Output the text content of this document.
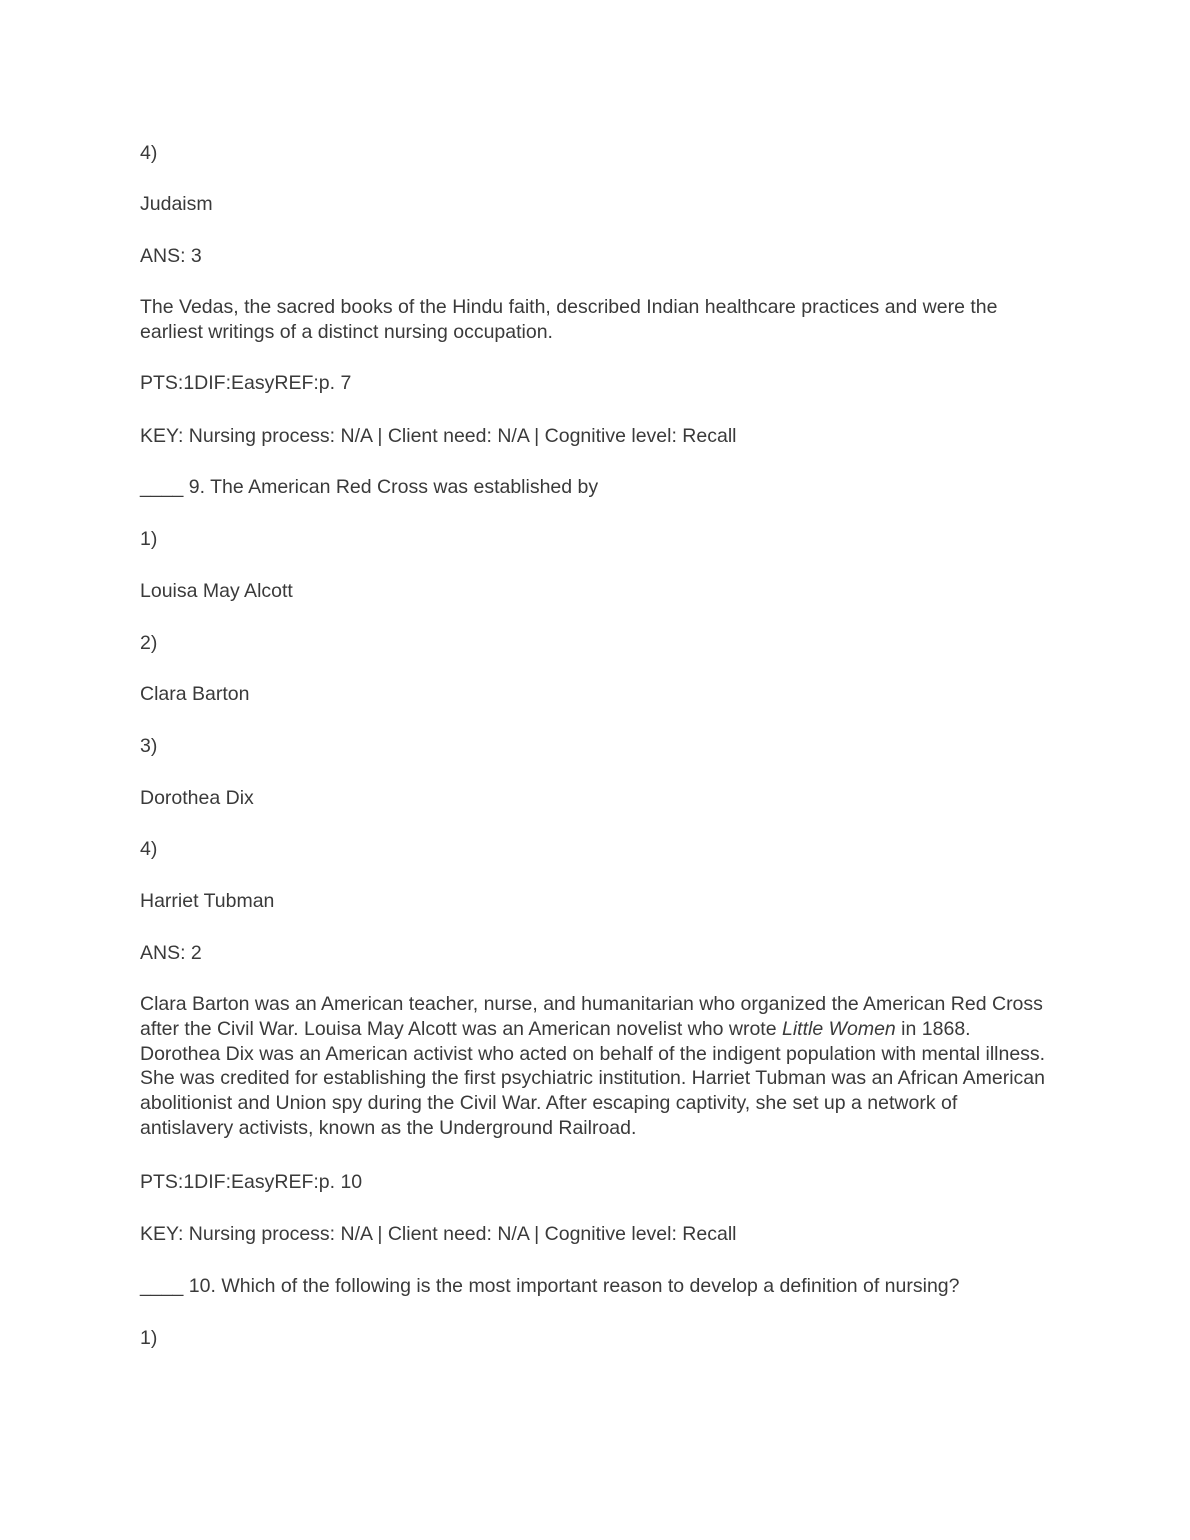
4)
Judaism
ANS: 3
The Vedas, the sacred books of the Hindu faith, described Indian healthcare practices and were the earliest writings of a distinct nursing occupation.
PTS:1DIF:EasyREF:p. 7
KEY: Nursing process: N/A | Client need: N/A | Cognitive level: Recall
____ 9. The American Red Cross was established by
1)
Louisa May Alcott
2)
Clara Barton
3)
Dorothea Dix
4)
Harriet Tubman
ANS: 2
Clara Barton was an American teacher, nurse, and humanitarian who organized the American Red Cross after the Civil War. Louisa May Alcott was an American novelist who wrote Little Women in 1868. Dorothea Dix was an American activist who acted on behalf of the indigent population with mental illness. She was credited for establishing the first psychiatric institution. Harriet Tubman was an African American abolitionist and Union spy during the Civil War. After escaping captivity, she set up a network of antislavery activists, known as the Underground Railroad.
PTS:1DIF:EasyREF:p. 10
KEY: Nursing process: N/A | Client need: N/A | Cognitive level: Recall
____ 10. Which of the following is the most important reason to develop a definition of nursing?
1)
